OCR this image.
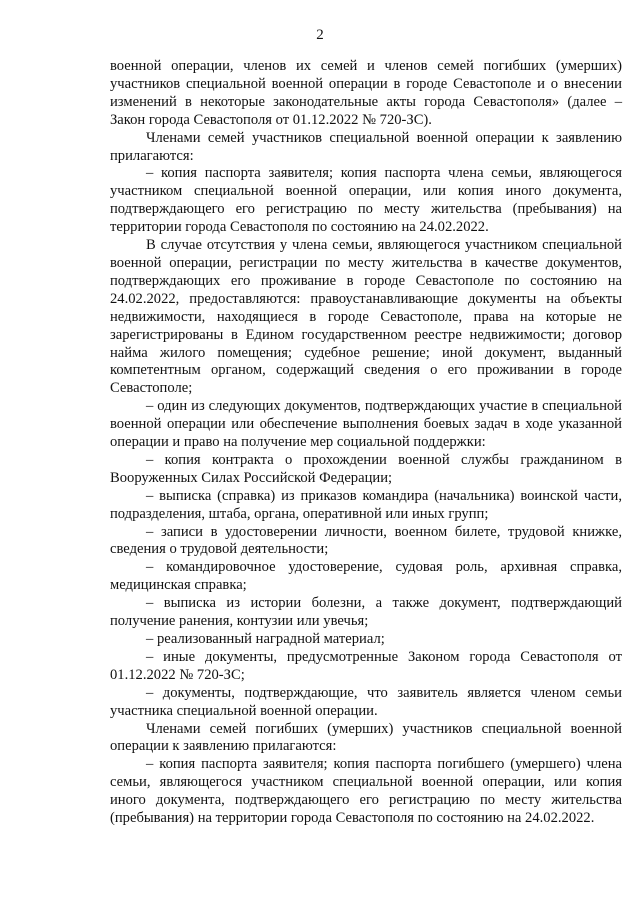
2

военной операции, членов их семей и членов семей погибших (умерших) участников специальной военной операции в городе Севастополе и о внесении изменений в некоторые законодательные акты города Севастополя» (далее – Закон города Севастополя от 01.12.2022 № 720-ЗС).

Членами семей участников специальной военной операции к заявлению прилагаются:

– копия паспорта заявителя; копия паспорта члена семьи, являющегося участником специальной военной операции, или копия иного документа, подтверждающего его регистрацию по месту жительства (пребывания) на территории города Севастополя по состоянию на 24.02.2022.

В случае отсутствия у члена семьи, являющегося участником специальной военной операции, регистрации по месту жительства в качестве документов, подтверждающих его проживание в городе Севастополе по состоянию на 24.02.2022, предоставляются: правоустанавливающие документы на объекты недвижимости, находящиеся в городе Севастополе, права на которые не зарегистрированы в Едином государственном реестре недвижимости; договор найма жилого помещения; судебное решение; иной документ, выданный компетентным органом, содержащий сведения о его проживании в городе Севастополе;

– один из следующих документов, подтверждающих участие в специальной военной операции или обеспечение выполнения боевых задач в ходе указанной операции и право на получение мер социальной поддержки:

– копия контракта о прохождении военной службы гражданином в Вооруженных Силах Российской Федерации;

– выписка (справка) из приказов командира (начальника) воинской части, подразделения, штаба, органа, оперативной или иных групп;

– записи в удостоверении личности, военном билете, трудовой книжке, сведения о трудовой деятельности;

– командировочное удостоверение, судовая роль, архивная справка, медицинская справка;

– выписка из истории болезни, а также документ, подтверждающий получение ранения, контузии или увечья;

– реализованный наградной материал;

– иные документы, предусмотренные Законом города Севастополя от 01.12.2022 № 720-ЗС;

– документы, подтверждающие, что заявитель является членом семьи участника специальной военной операции.

Членами семей погибших (умерших) участников специальной военной операции к заявлению прилагаются:

– копия паспорта заявителя; копия паспорта погибшего (умершего) члена семьи, являющегося участником специальной военной операции, или копия иного документа, подтверждающего его регистрацию по месту жительства (пребывания) на территории города Севастополя по состоянию на 24.02.2022.
